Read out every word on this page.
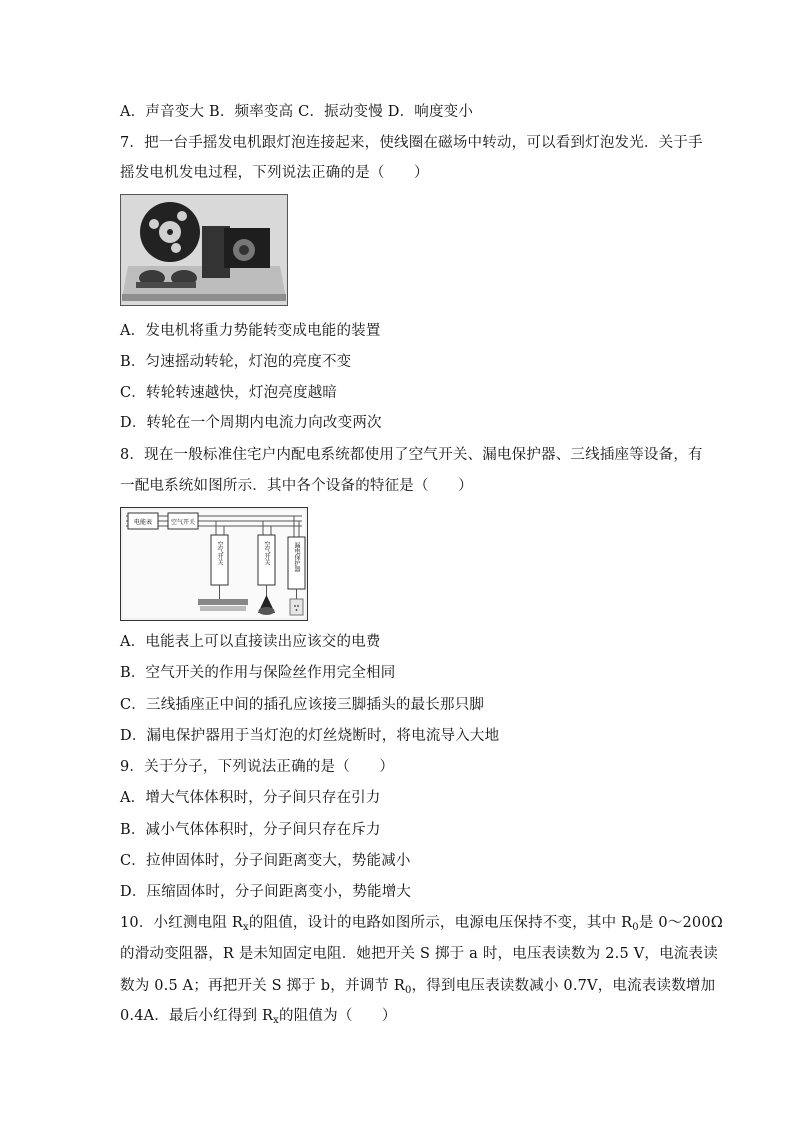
A．声音变大 B．频率变高 C．振动变慢 D．响度变小
7．把一台手摇发电机跟灯泡连接起来，使线圈在磁场中转动，可以看到灯泡发光．关于手
摇发电机发电过程，下列说法正确的是（　　）
A．发电机将重力势能转变成电能的装置
B．匀速摇动转轮，灯泡的亮度不变
C．转轮转速越快，灯泡亮度越暗
D．转轮在一个周期内电流力向改变两次
8．现在一般标准住宅户内配电系统都使用了空气开关、漏电保护器、三线插座等设备，有
一配电系统如图所示．其中各个设备的特征是（　　）
电能表	空气开关
空气开关	空气开关	漏电保护器
A．电能表上可以直接读出应该交的电费
B．空气开关的作用与保险丝作用完全相同
C．三线插座正中间的插孔应该接三脚插头的最长那只脚
D．漏电保护器用于当灯泡的灯丝烧断时，将电流导入大地
9．关于分子，下列说法正确的是（　　）
A．增大气体体积时，分子间只存在引力
B．减小气体体积时，分子间只存在斥力
C．拉伸固体时，分子间距离变大，势能减小
D．压缩固体时，分子间距离变小，势能增大
10．小红测电阻 $R_x$的阻值，设计的电路如图所示，电源电压保持不变，其中 $R_0$是 0～200Ω
的滑动变阻器，R 是未知固定电阻．她把开关 S 掷于 a 时，电压表读数为 2.5 V，电流表读
数为 0.5 A；再把开关 S 掷于 b，并调节 $R_0$，得到电压表读数减小 0.7V，电流表读数增加
0.4A．最后小红得到 $R_x$的阻值为（　　）
